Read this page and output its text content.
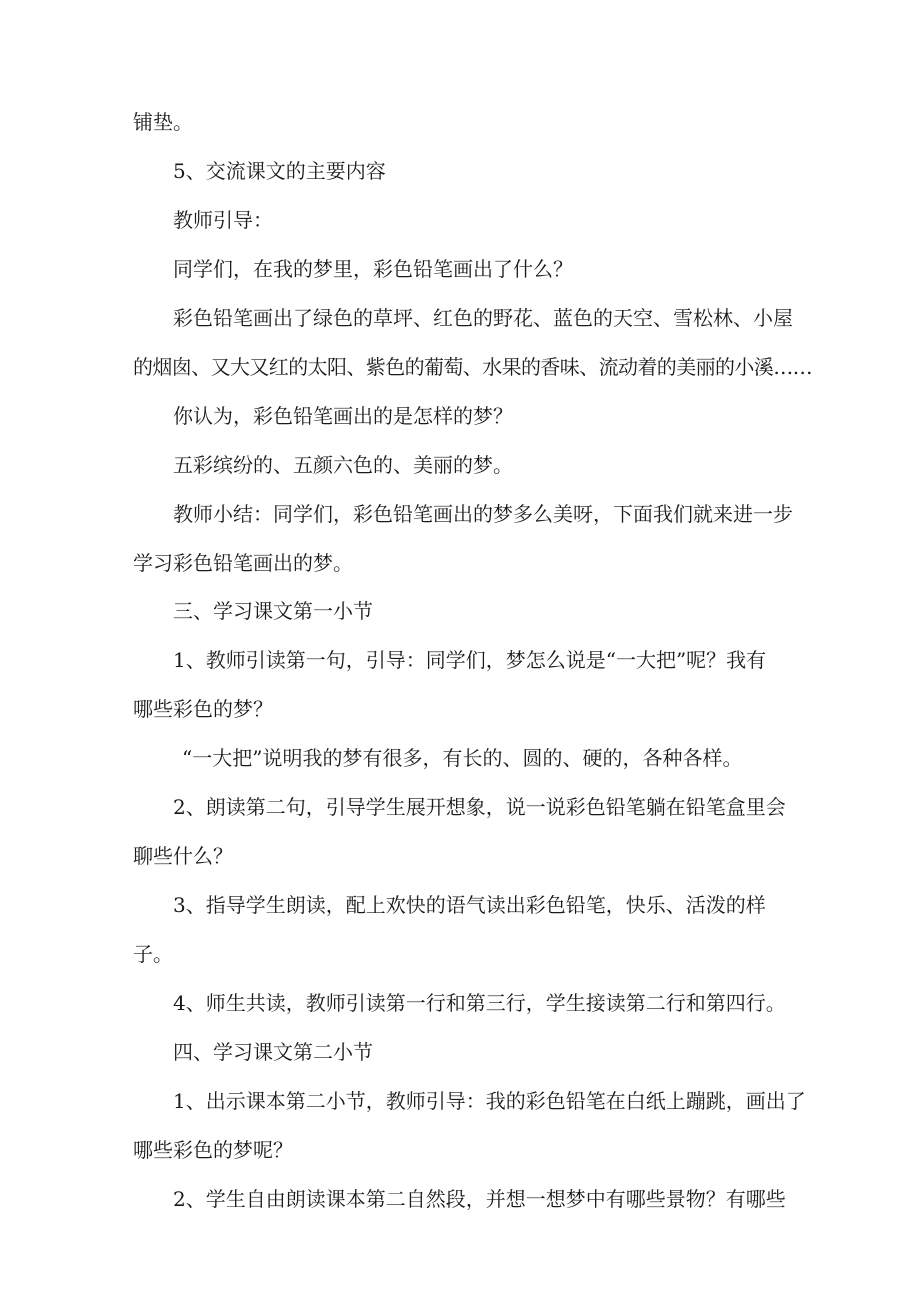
铺垫。
5、交流课文的主要内容
教师引导：
同学们，在我的梦里，彩色铅笔画出了什么？
彩色铅笔画出了绿色的草坪、红色的野花、蓝色的天空、雪松林、小屋
的烟囱、又大又红的太阳、紫色的葡萄、水果的香味、流动着的美丽的小溪……
你认为，彩色铅笔画出的是怎样的梦？
五彩缤纷的、五颜六色的、美丽的梦。
教师小结：同学们，彩色铅笔画出的梦多么美呀，下面我们就来进一步
学习彩色铅笔画出的梦。
三、学习课文第一小节
1、教师引读第一句，引导：同学们，梦怎么说是“一大把”呢？我有
哪些彩色的梦？
“一大把”说明我的梦有很多，有长的、圆的、硬的，各种各样。
2、朗读第二句，引导学生展开想象，说一说彩色铅笔躺在铅笔盒里会
聊些什么？
3、指导学生朗读，配上欢快的语气读出彩色铅笔，快乐、活泼的样
子。
4、师生共读，教师引读第一行和第三行，学生接读第二行和第四行。
四、学习课文第二小节
1、出示课本第二小节，教师引导：我的彩色铅笔在白纸上蹦跳，画出了
哪些彩色的梦呢？
2、学生自由朗读课本第二自然段，并想一想梦中有哪些景物？有哪些
